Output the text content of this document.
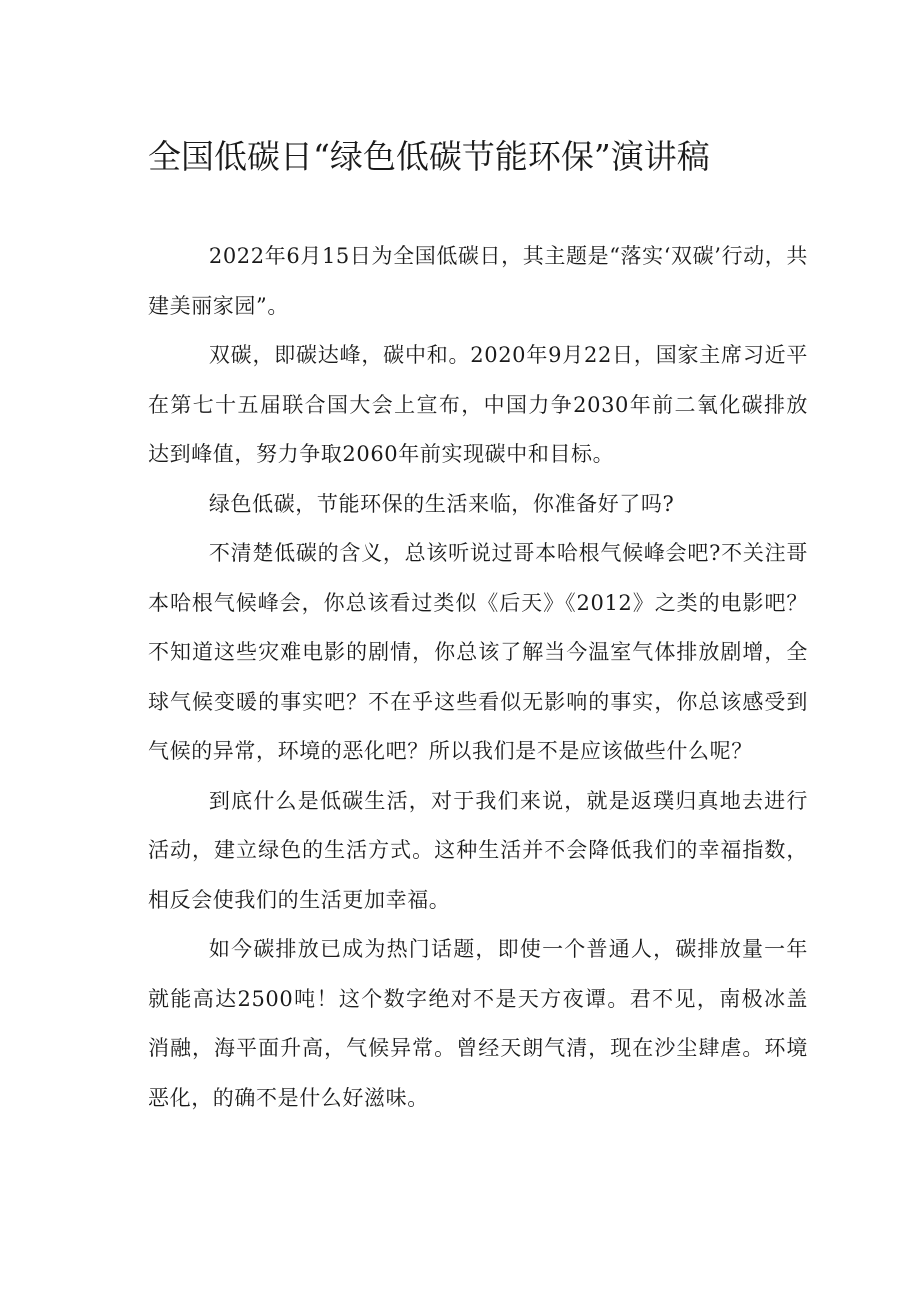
全国低碳日“绿色低碳节能环保”演讲稿

2022年6月15日为全国低碳日，其主题是“落实‘双碳’行动，共建美丽家园”。

双碳，即碳达峰，碳中和。2020年9月22日，国家主席习近平在第七十五届联合国大会上宣布，中国力争2030年前二氧化碳排放达到峰值，努力争取2060年前实现碳中和目标。

绿色低碳，节能环保的生活来临，你准备好了吗?

不清楚低碳的含义，总该听说过哥本哈根气候峰会吧?不关注哥本哈根气候峰会，你总该看过类似《后天》《2012》之类的电影吧？不知道这些灾难电影的剧情，你总该了解当今温室气体排放剧增，全球气候变暖的事实吧？不在乎这些看似无影响的事实，你总该感受到气候的异常，环境的恶化吧？所以我们是不是应该做些什么呢？

到底什么是低碳生活，对于我们来说，就是返璞归真地去进行活动，建立绿色的生活方式。这种生活并不会降低我们的幸福指数，相反会使我们的生活更加幸福。

如今碳排放已成为热门话题，即使一个普通人，碳排放量一年就能高达2500吨！这个数字绝对不是天方夜谭。君不见，南极冰盖消融，海平面升高，气候异常。曾经天朗气清，现在沙尘肆虐。环境恶化，的确不是什么好滋味。
